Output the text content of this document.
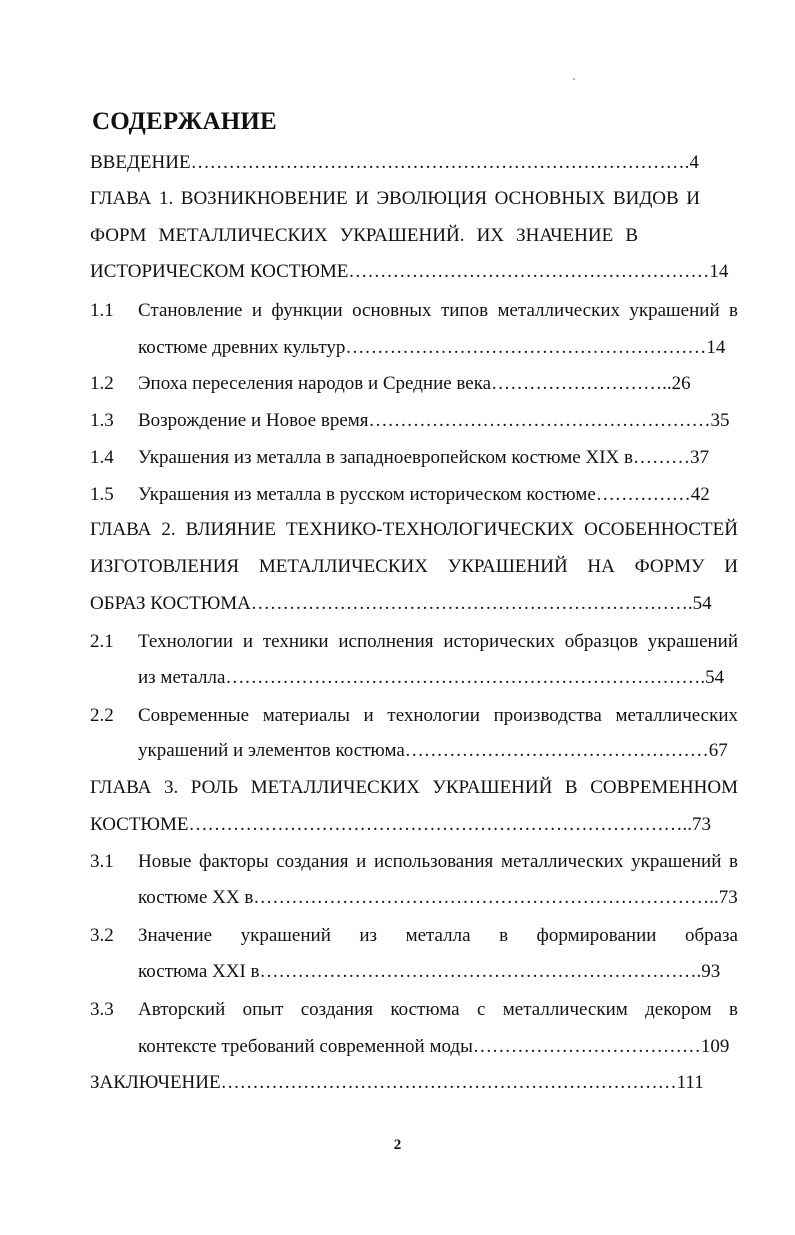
СОДЕРЖАНИЕ
ВВЕДЕНИЕ…………………………………………………………………….4
ГЛАВА 1. ВОЗНИКНОВЕНИЕ И ЭВОЛЮЦИЯ ОСНОВНЫХ ВИДОВ И
ФОРМ МЕТАЛЛИЧЕСКИХ УКРАШЕНИЙ. ИХ ЗНАЧЕНИЕ В
ИСТОРИЧЕСКОМ КОСТЮМЕ…………………………………………………14
1.1 Становление и функции основных типов металлических украшений в
костюме древних культур…………………………………………………14
1.2 Эпоха переселения народов и Средние века………………………..26
1.3 Возрождение и Новое время………………………………………………35
1.4 Украшения из металла в западноевропейском костюме XIX в………37
1.5 Украшения из металла в русском историческом костюме……………42
ГЛАВА 2. ВЛИЯНИЕ ТЕХНИКО-ТЕХНОЛОГИЧЕСКИХ ОСОБЕННОСТЕЙ
ИЗГОТОВЛЕНИЯ МЕТАЛЛИЧЕСКИХ УКРАШЕНИЙ НА ФОРМУ И
ОБРАЗ КОСТЮМА…………………………………………………………….54
2.1 Технологии и техники исполнения исторических образцов украшений
из металла………………………………………………………………….54
2.2 Современные материалы и технологии производства металлических
украшений и элементов костюма…………………………………………67
ГЛАВА 3. РОЛЬ МЕТАЛЛИЧЕСКИХ УКРАШЕНИЙ В СОВРЕМЕННОМ
КОСТЮМЕ……………………………………………………………………..73
3.1 Новые факторы создания и использования металлических украшений в
костюме XX в………………………………………………………………..73
3.2 Значение украшений из металла в формировании образа
костюма XXI в…………………………………………………………….93
3.3 Авторский опыт создания костюма с металлическим декором в
контексте требований современной моды………………………………109
ЗАКЛЮЧЕНИЕ………………………………………………………………111
2
